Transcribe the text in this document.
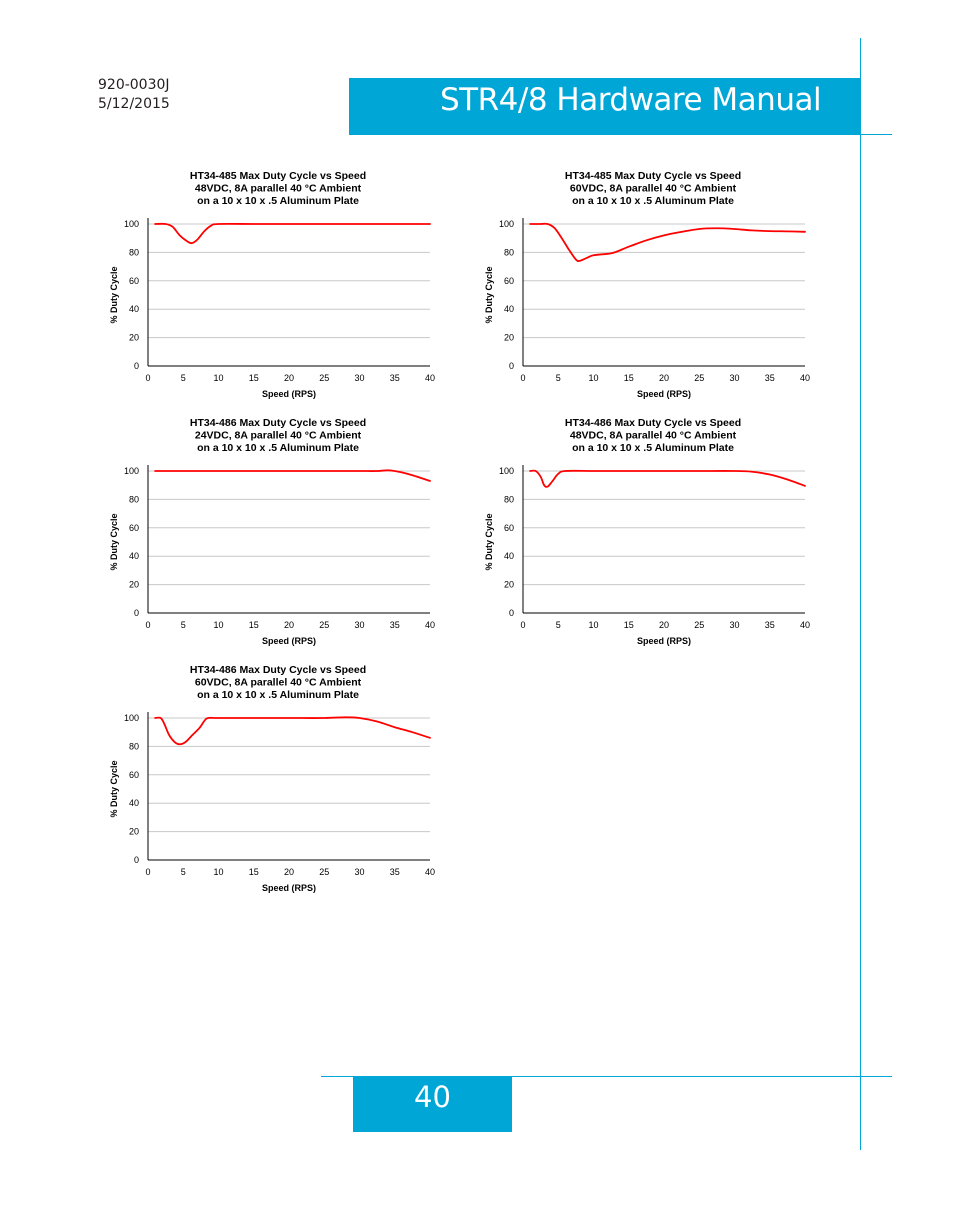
920-0030J
5/12/2015	STR4/8 Hardware Manual
40
HT34-485 Max Duty Cycle vs Speed
48VDC, 8A parallel 40 °C Ambient
on a 10 x 10 x .5 Aluminum Plate
0
20
40
60
80
100
0	5	10	15	20	25	30	35	40
Speed (RPS)
% Duty Cycle
HT34-485 Max Duty Cycle vs Speed
60VDC, 8A parallel 40 °C Ambient
on a 10 x 10 x .5 Aluminum Plate
0
20
40
60
80
100
0	5	10	15	20	25	30	35	40
Speed (RPS)
% Duty Cycle
HT34-486 Max Duty Cycle vs Speed
24VDC, 8A parallel 40 °C Ambient
on a 10 x 10 x .5 Aluminum Plate
0
20
40
60
80
100
0	5	10	15	20	25	30	35	40
Speed (RPS)
% Duty Cycle
HT34-486 Max Duty Cycle vs Speed
48VDC, 8A parallel 40 °C Ambient
on a 10 x 10 x .5 Aluminum Plate
0
20
40
60
80
100
0	5	10	15	20	25	30	35	40
Speed (RPS)
% Duty Cycle
HT34-486 Max Duty Cycle vs Speed
60VDC, 8A parallel 40 °C Ambient
on a 10 x 10 x .5 Aluminum Plate
0
20
40
60
80
100
0	5	10	15	20	25	30	35	40
Speed (RPS)
% Duty Cycle
